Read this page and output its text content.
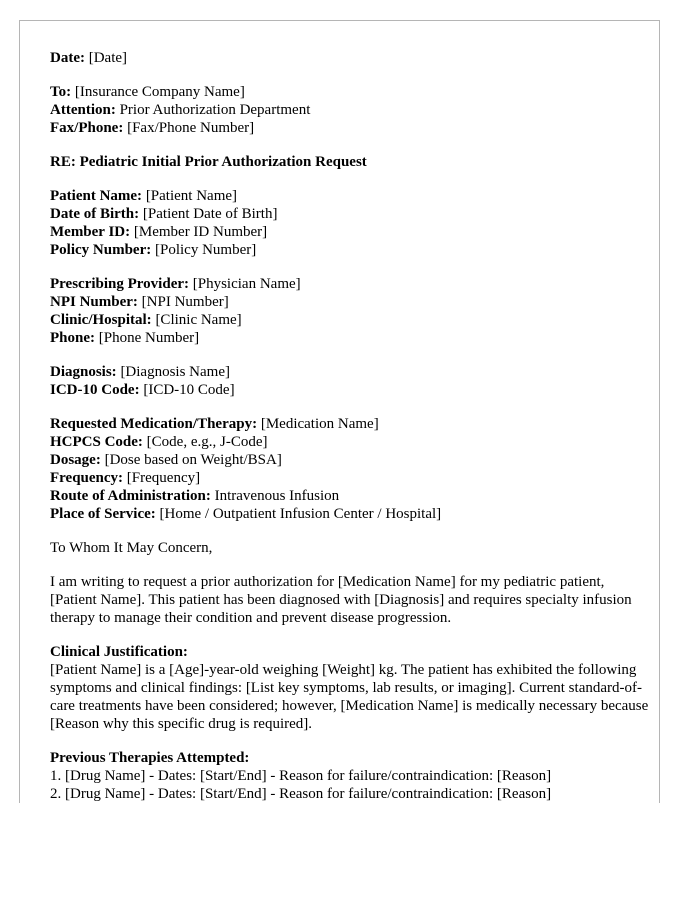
Date: [Date]
To: [Insurance Company Name]
Attention: Prior Authorization Department
Fax/Phone: [Fax/Phone Number]
RE: Pediatric Initial Prior Authorization Request
Patient Name: [Patient Name]
Date of Birth: [Patient Date of Birth]
Member ID: [Member ID Number]
Policy Number: [Policy Number]
Prescribing Provider: [Physician Name]
NPI Number: [NPI Number]
Clinic/Hospital: [Clinic Name]
Phone: [Phone Number]
Diagnosis: [Diagnosis Name]
ICD-10 Code: [ICD-10 Code]
Requested Medication/Therapy: [Medication Name]
HCPCS Code: [Code, e.g., J-Code]
Dosage: [Dose based on Weight/BSA]
Frequency: [Frequency]
Route of Administration: Intravenous Infusion
Place of Service: [Home / Outpatient Infusion Center / Hospital]
To Whom It May Concern,

I am writing to request a prior authorization for [Medication Name] for my pediatric patient, [Patient Name]. This patient has been diagnosed with [Diagnosis] and requires specialty infusion therapy to manage their condition and prevent disease progression.

Clinical Justification:

[Patient Name] is a [Age]-year-old weighing [Weight] kg. The patient has exhibited the following symptoms and clinical findings: [List key symptoms, lab results, or imaging]. Current standard-of-care treatments have been considered; however, [Medication Name] is medically necessary because [Reason why this specific drug is required].

Previous Therapies Attempted:
1. [Drug Name] - Dates: [Start/End] - Reason for failure/contraindication: [Reason]
2. [Drug Name] - Dates: [Start/End] - Reason for failure/contraindication: [Reason]
